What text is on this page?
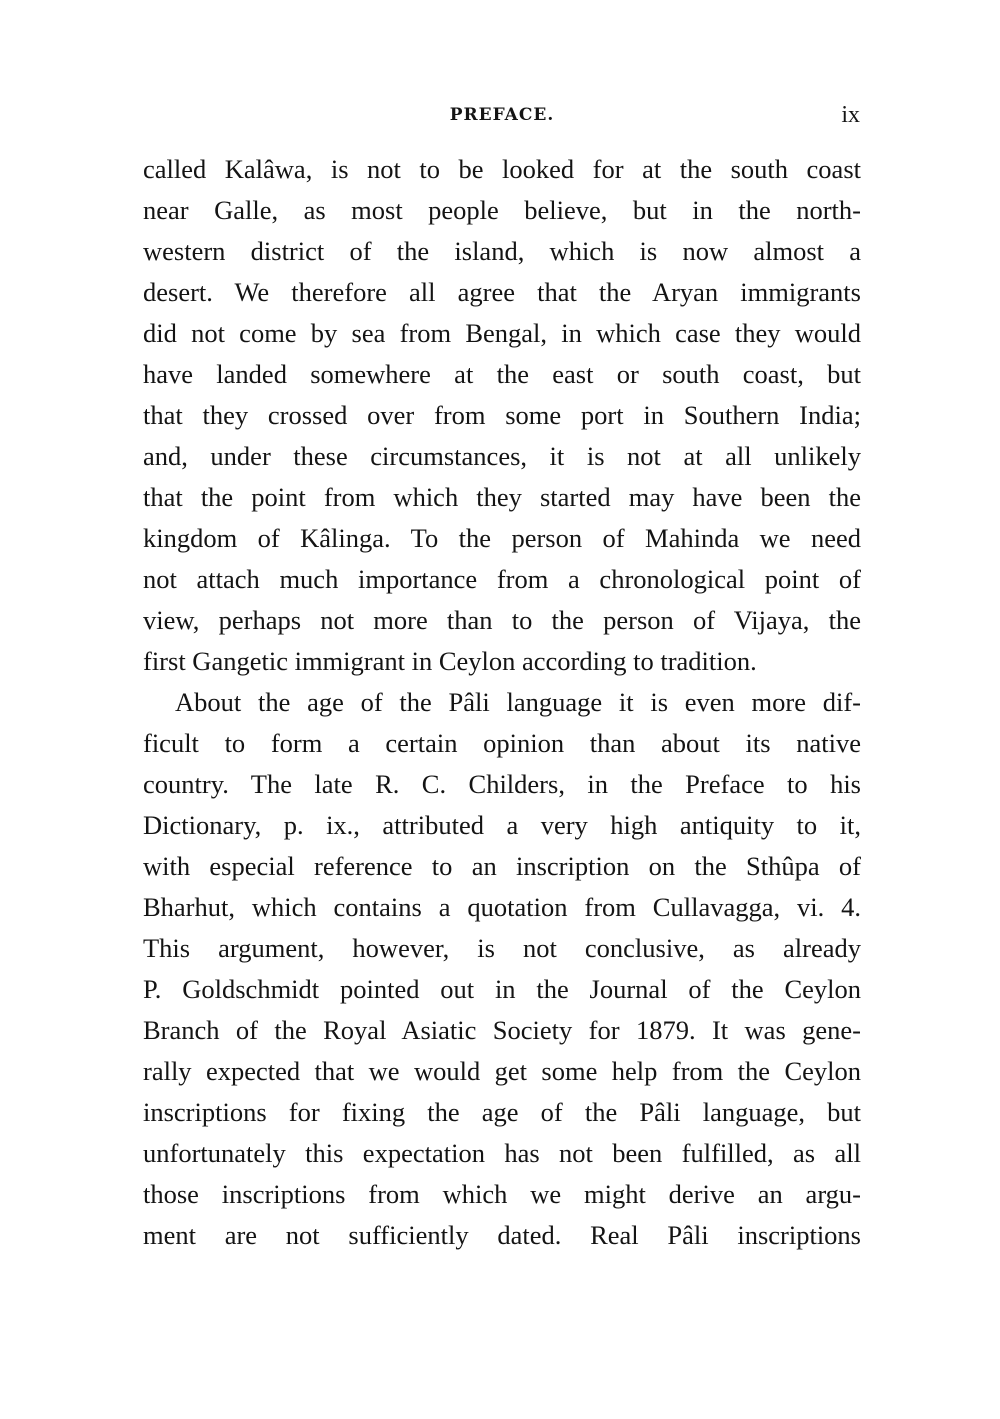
PREFACE.	ix
called Kalâwa, is not to be looked for at the south coast
near Galle, as most people believe, but in the north-
western district of the island, which is now almost a
desert. We therefore all agree that the Aryan immigrants
did not come by sea from Bengal, in which case they would
have landed somewhere at the east or south coast, but
that they crossed over from some port in Southern India;
and, under these circumstances, it is not at all unlikely
that the point from which they started may have been the
kingdom of Kâlinga. To the person of Mahinda we need
not attach much importance from a chronological point of
view, perhaps not more than to the person of Vijaya, the
first Gangetic immigrant in Ceylon according to tradition.
About the age of the Pâli language it is even more dif-
ficult to form a certain opinion than about its native
country. The late R. C. Childers, in the Preface to his
Dictionary, p. ix., attributed a very high antiquity to it,
with especial reference to an inscription on the Sthûpa of
Bharhut, which contains a quotation from Cullavagga, vi. 4.
This argument, however, is not conclusive, as already
P. Goldschmidt pointed out in the Journal of the Ceylon
Branch of the Royal Asiatic Society for 1879. It was gene-
rally expected that we would get some help from the Ceylon
inscriptions for fixing the age of the Pâli language, but
unfortunately this expectation has not been fulfilled, as all
those inscriptions from which we might derive an argu-
ment are not sufficiently dated. Real Pâli inscriptions
